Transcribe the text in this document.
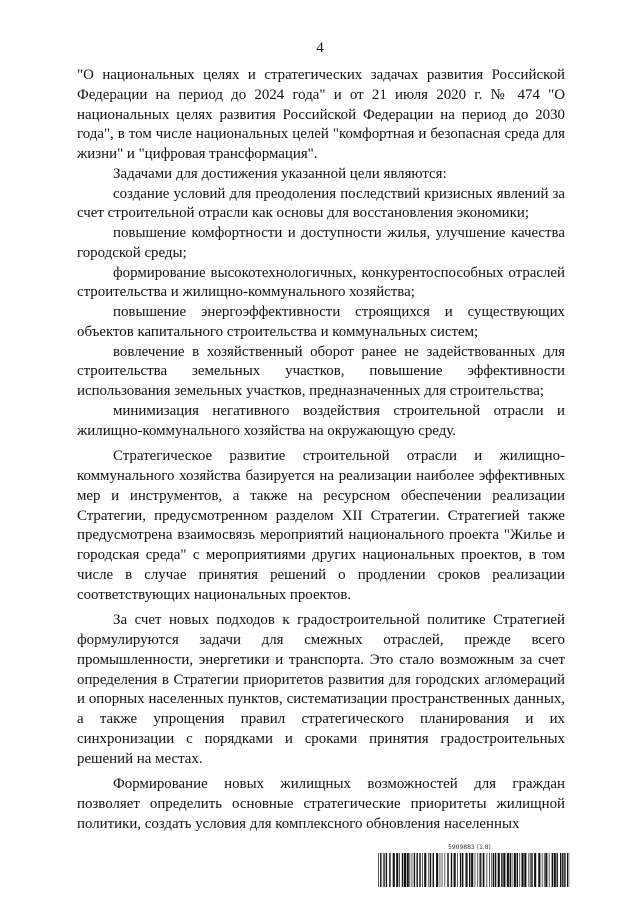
4

"О национальных целях и стратегических задачах развития Российской Федерации на период до 2024 года" и от 21 июля 2020 г. № 474 "О национальных целях развития Российской Федерации на период до 2030 года", в том числе национальных целей "комфортная и безопасная среда для жизни" и "цифровая трансформация".

Задачами для достижения указанной цели являются:

создание условий для преодоления последствий кризисных явлений за счет строительной отрасли как основы для восстановления экономики;

повышение комфортности и доступности жилья, улучшение качества городской среды;

формирование высокотехнологичных, конкурентоспособных отраслей строительства и жилищно-коммунального хозяйства;

повышение энергоэффективности строящихся и существующих объектов капитального строительства и коммунальных систем;

вовлечение в хозяйственный оборот ранее не задействованных для строительства земельных участков, повышение эффективности использования земельных участков, предназначенных для строительства;

минимизация негативного воздействия строительной отрасли и жилищно-коммунального хозяйства на окружающую среду.

Стратегическое развитие строительной отрасли и жилищно-коммунального хозяйства базируется на реализации наиболее эффективных мер и инструментов, а также на ресурсном обеспечении реализации Стратегии, предусмотренном разделом XII Стратегии. Стратегией также предусмотрена взаимосвязь мероприятий национального проекта "Жилье и городская среда" с мероприятиями других национальных проектов, в том числе в случае принятия решений о продлении сроков реализации соответствующих национальных проектов.

За счет новых подходов к градостроительной политике Стратегией формулируются задачи для смежных отраслей, прежде всего промышленности, энергетики и транспорта. Это стало возможным за счет определения в Стратегии приоритетов развития для городских агломераций и опорных населенных пунктов, систематизации пространственных данных, а также упрощения правил стратегического планирования и их синхронизации с порядками и сроками принятия градостроительных решений на местах.

Формирование новых жилищных возможностей для граждан позволяет определить основные стратегические приоритеты жилищной политики, создать условия для комплексного обновления населенных

5909883 (1.8)
